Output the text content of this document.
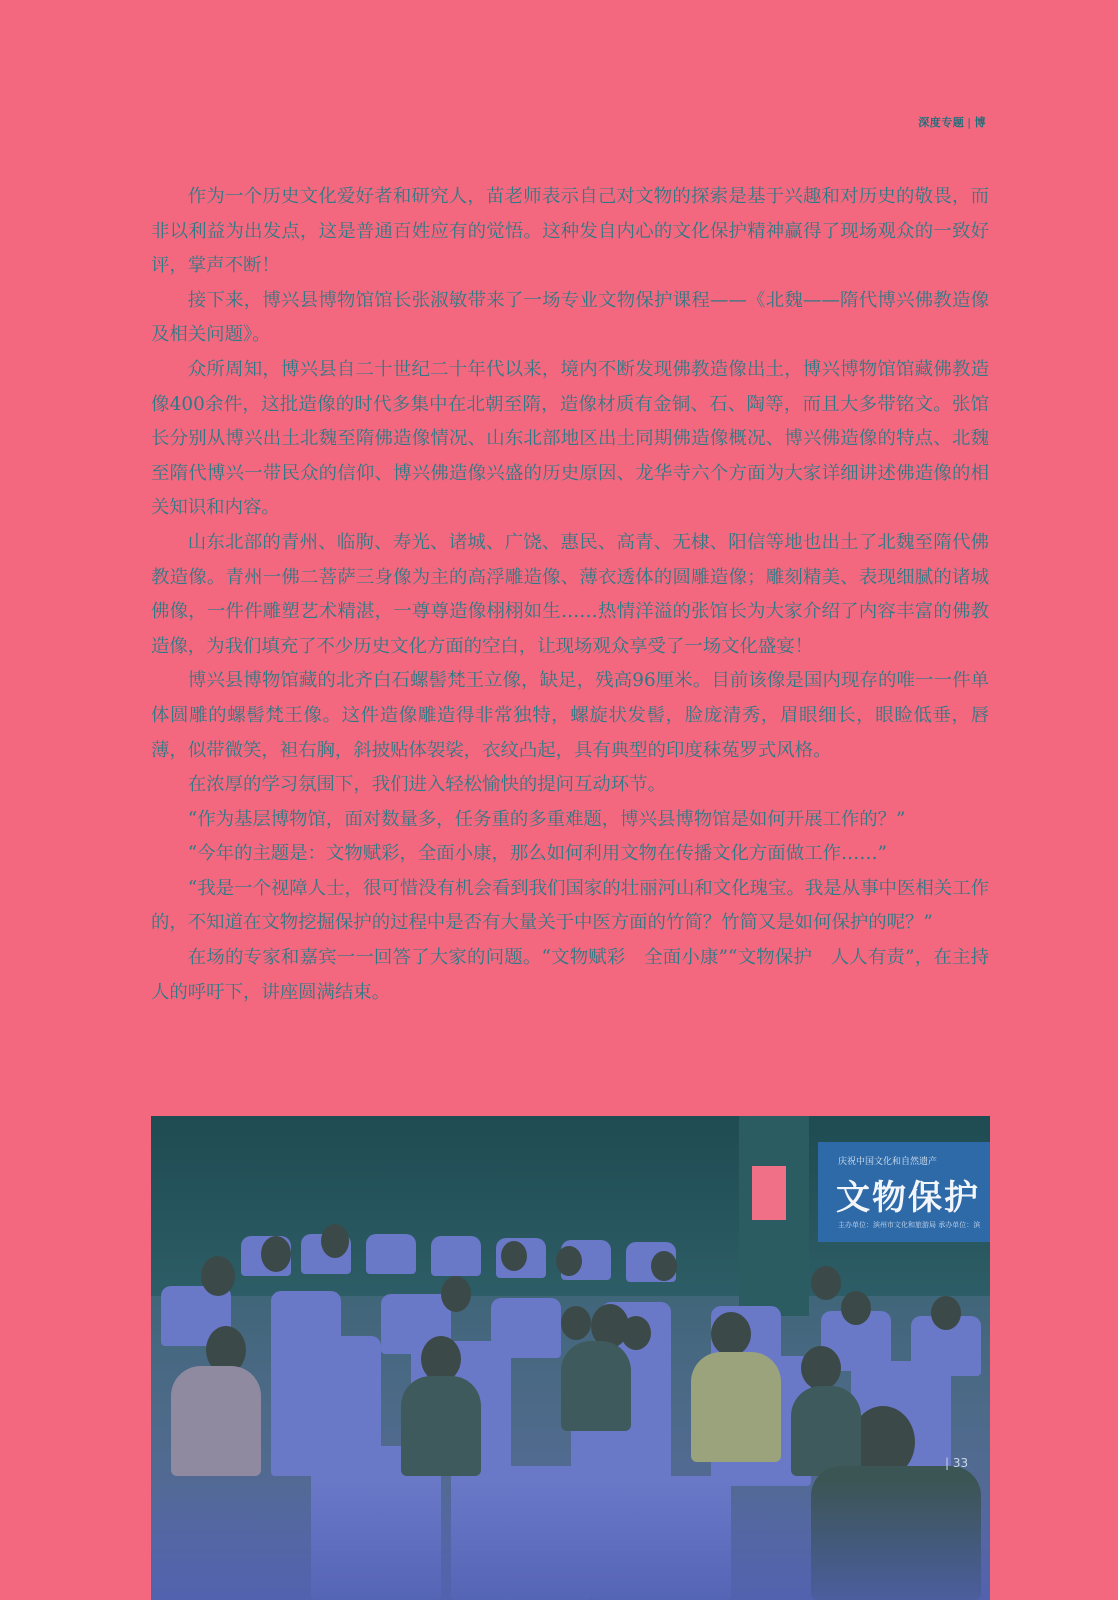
深度专题 | 博

作为一个历史文化爱好者和研究人，苗老师表示自己对文物的探索是基于兴趣和对历史的敬畏，而非以利益为出发点，这是普通百姓应有的觉悟。这种发自内心的文化保护精神赢得了现场观众的一致好评，掌声不断！

接下来，博兴县博物馆馆长张淑敏带来了一场专业文物保护课程——《北魏——隋代博兴佛教造像及相关问题》。

众所周知，博兴县自二十世纪二十年代以来，境内不断发现佛教造像出土，博兴博物馆馆藏佛教造像400余件，这批造像的时代多集中在北朝至隋，造像材质有金铜、石、陶等，而且大多带铭文。张馆长分别从博兴出土北魏至隋佛造像情况、山东北部地区出土同期佛造像概况、博兴佛造像的特点、北魏至隋代博兴一带民众的信仰、博兴佛造像兴盛的历史原因、龙华寺六个方面为大家详细讲述佛造像的相关知识和内容。

山东北部的青州、临朐、寿光、诸城、广饶、惠民、高青、无棣、阳信等地也出土了北魏至隋代佛教造像。青州一佛二菩萨三身像为主的高浮雕造像、薄衣透体的圆雕造像；雕刻精美、表现细腻的诸城佛像，一件件雕塑艺术精湛，一尊尊造像栩栩如生……热情洋溢的张馆长为大家介绍了内容丰富的佛教造像，为我们填充了不少历史文化方面的空白，让现场观众享受了一场文化盛宴！

博兴县博物馆藏的北齐白石螺髻梵王立像，缺足，残高96厘米。目前该像是国内现存的唯一一件单体圆雕的螺髻梵王像。这件造像雕造得非常独特，螺旋状发髻，脸庞清秀，眉眼细长，眼睑低垂，唇薄，似带微笑，袒右胸，斜披贴体袈裟，衣纹凸起，具有典型的印度秣菟罗式风格。

在浓厚的学习氛围下，我们进入轻松愉快的提问互动环节。

“作为基层博物馆，面对数量多，任务重的多重难题，博兴县博物馆是如何开展工作的？”

“今年的主题是：文物赋彩，全面小康，那么如何利用文物在传播文化方面做工作……”

“我是一个视障人士，很可惜没有机会看到我们国家的壮丽河山和文化瑰宝。我是从事中医相关工作的，不知道在文物挖掘保护的过程中是否有大量关于中医方面的竹简？竹简又是如何保护的呢？”

在场的专家和嘉宾一一回答了大家的问题。“文物赋彩　全面小康”“文物保护　人人有责”，在主持人的呼吁下，讲座圆满结束。

庆祝中国文化和自然遗产
文物保护
主办单位：滨州市文化和旅游局 承办单位：滨
| 33
